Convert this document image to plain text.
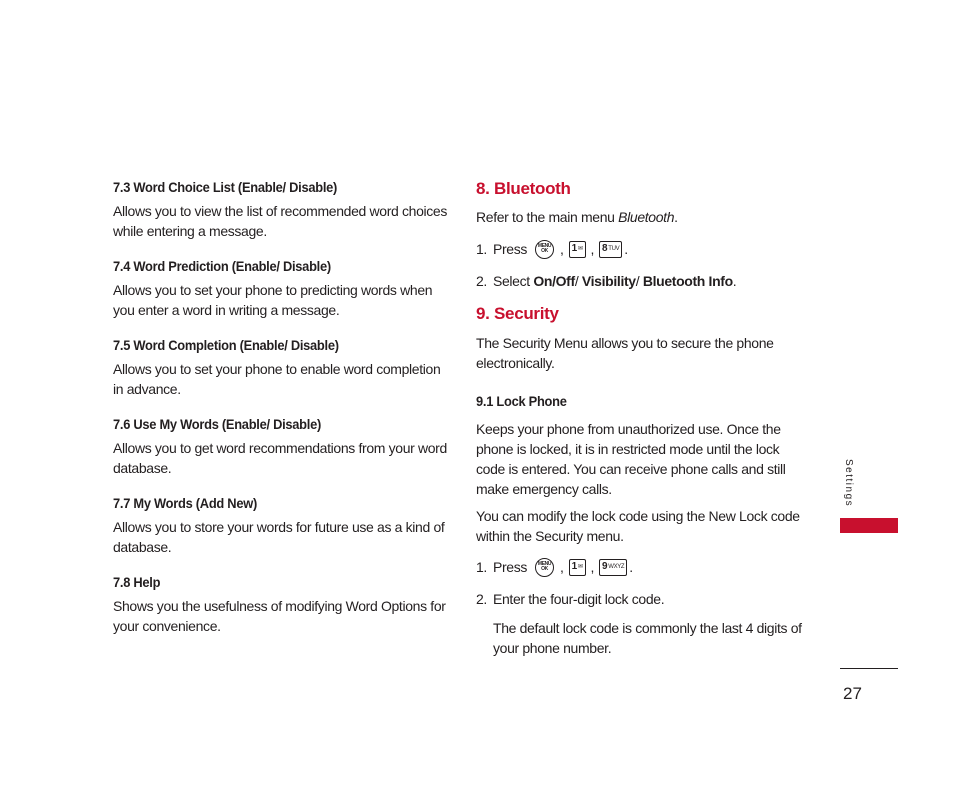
7.3 Word Choice List (Enable/ Disable)

Allows you to view the list of recommended word choices while entering a message.

7.4 Word Prediction (Enable/ Disable)

Allows you to set your phone to predicting words when you enter a word in writing a message.

7.5 Word Completion (Enable/ Disable)

Allows you to set your phone to enable word completion in advance.

7.6 Use My Words (Enable/ Disable)

Allows you to get word recommendations from your word database.

7.7 My Words (Add New)

Allows you to store your words for future use as a kind of database.

7.8 Help

Shows you the usefulness of modifying Word Options for your convenience.

8. Bluetooth

Refer to the main menu Bluetooth.

1. Press	MENU OK , 1 ✉ , 8 TUV .
2. Select On/Off / Visibility / Bluetooth Info .
9. Security

The Security Menu allows you to secure the phone electronically.

9.1 Lock Phone

Keeps your phone from unauthorized use. Once the phone is locked, it is in restricted mode until the lock code is entered. You can receive phone calls and still make emergency calls.

You can modify the lock code using the New Lock code within the Security menu.

1. Press	MENU OK , 1 ✉ , 9 WXYZ .
2. Enter the four-digit lock code.

The default lock code is commonly the last 4 digits of your phone number.

Settings
27
